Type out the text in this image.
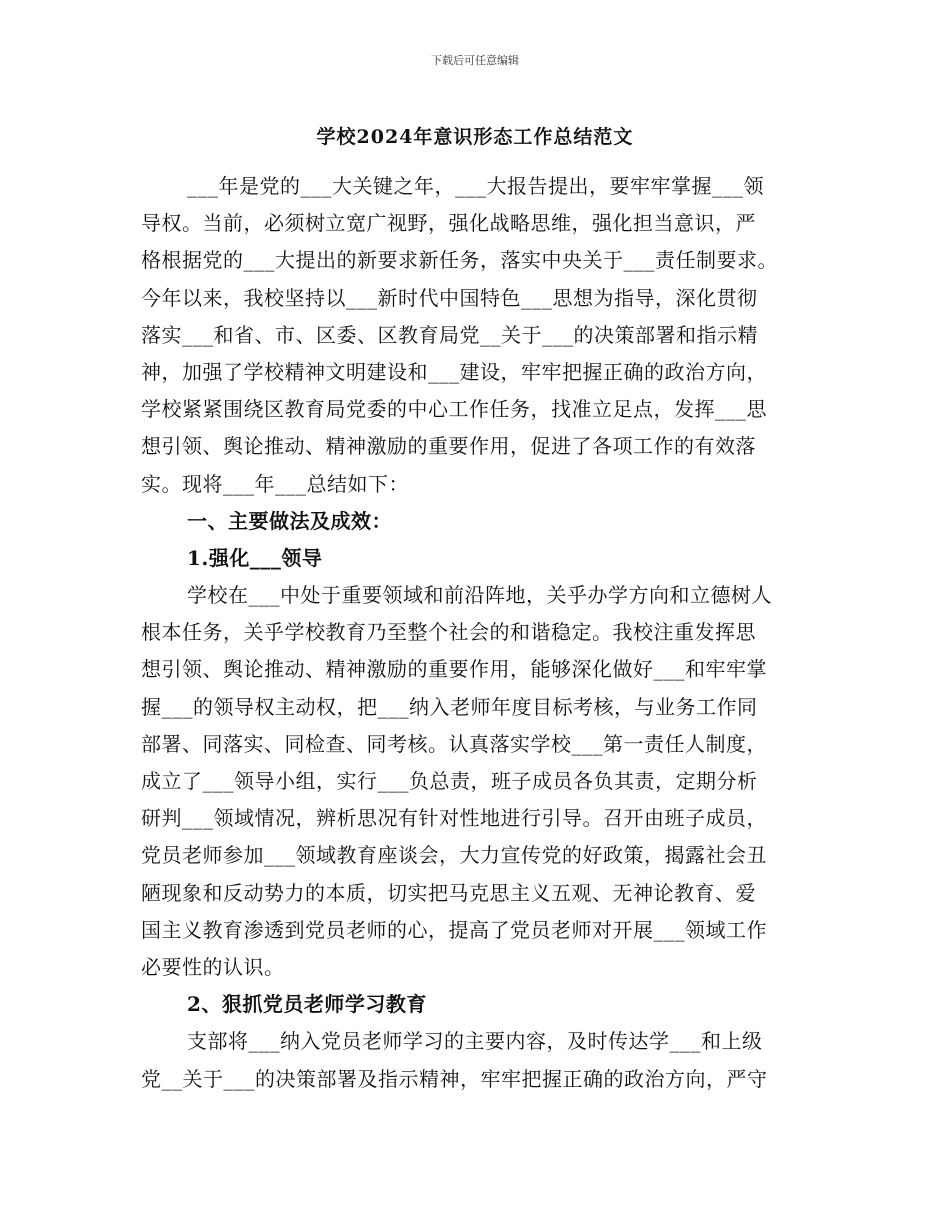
下载后可任意编辑
学校2024年意识形态工作总结范文
___年是党的___大关键之年，___大报告提出，要牢牢掌握___领
导权。当前，必须树立宽广视野，强化战略思维，强化担当意识，严
格根据党的___大提出的新要求新任务，落实中央关于___责任制要求。
今年以来，我校坚持以___新时代中国特色___思想为指导，深化贯彻
落实___和省、市、区委、区教育局党__关于___的决策部署和指示精
神，加强了学校精神文明建设和___建设，牢牢把握正确的政治方向，
学校紧紧围绕区教育局党委的中心工作任务，找准立足点，发挥___思
想引领、舆论推动、精神激励的重要作用，促进了各项工作的有效落
实。现将___年___总结如下：
一、主要做法及成效：
1.强化___领导
学校在___中处于重要领域和前沿阵地，关乎办学方向和立德树人
根本任务，关乎学校教育乃至整个社会的和谐稳定。我校注重发挥思
想引领、舆论推动、精神激励的重要作用，能够深化做好___和牢牢掌
握___的领导权主动权，把___纳入老师年度目标考核，与业务工作同
部署、同落实、同检查、同考核。认真落实学校___第一责任人制度，
成立了___领导小组，实行___负总责，班子成员各负其责，定期分析
研判___领域情况，辨析思况有针对性地进行引导。召开由班子成员，
党员老师参加___领域教育座谈会，大力宣传党的好政策，揭露社会丑
陋现象和反动势力的本质，切实把马克思主义五观、无神论教育、爱
国主义教育渗透到党员老师的心，提高了党员老师对开展___领域工作
必要性的认识。
2、狠抓党员老师学习教育
支部将___纳入党员老师学习的主要内容，及时传达学___和上级
党__关于___的决策部署及指示精神，牢牢把握正确的政治方向，严守
